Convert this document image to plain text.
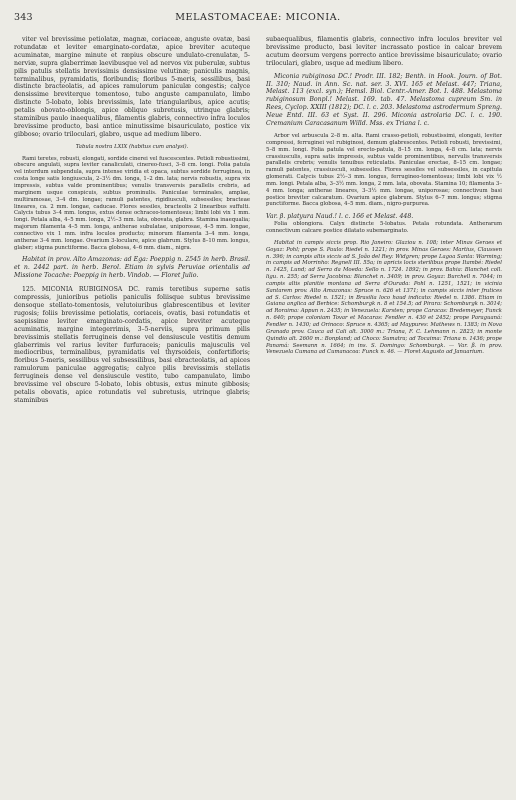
343	MELASTOMACEAE: MICONIA.

viter vel brevissime petiolatæ, magnæ, coriaceæ, anguste ovatæ, basi rotundatæ et leviter emarginato-cordatæ, apice breviter acuteque acuminatæ, margine minute et ræpius obscure undulato-crenulatæ, 5-nerviæ, supra glaberrimæ laevibusque vel ad nervos vix puberulæ, subtus pilis patulis stellatis brevissimis densissime velutinæ; paniculis magnis, terminalibus, pyramidatis, floribundis; floribus 5-meris, sessilibus, basi distincte bracteolatis, ad apices ramulorum paniculæ congestis; calyce densissime breviterque tomentoso, tubo anguste campanulato, limbo distincte 5-lobato, lobis brevissimis, late triangularibus, apice acutis; petalis obovato-oblongis, apice obliquo subretusis, utrinque glabris; staminibus paulo inaequalibus, filamentis glabris, connectivo infra loculos brevissime producto, basi antice minutissime bisauriculato, postice vix gibboso; ovario triloculari, glabro, usque ad medium libero.

Tabula nostra LXIX (habitus cum analysi).

Rami teretes, robusti, elongati, sordide cinerei vel fuscescentes. Petioli robustissimi, obscure angulati, supra leviter canaliculati, cinereo-fusci, 3–8 cm. longi. Folia patula vel interdum subpendula, supra intense viridia et opaca, subtus sordide ferruginea, in costa longe satis longiuscula, 2–3½ dm. longa, 1–2 dm. lata; nervis robustis, supra vix impressis, subtus valde prominentibus; venulis transversis parallelis crebris, ad marginem usque conspicuis, subtus prominulis. Paniculae terminales, amplae, multiramosae, 3–4 dm. longae; ramuli patentes, rigidiusculi, subsessiles; bracteae lineares, ca. 2 mm. longae, caducae. Flores sessiles, bracteolis 2 linearibus suffulti. Calycis tubus 3–4 mm. longus, extus dense ochraceo-tomentosus; limbi lobi vix 1 mm. longi. Petala alba, 4–5 mm. longa, 2½–3 mm. lata, obovata, glabra. Stamina inaequalia; majorum filamenta 4–5 mm. longa, antherae subulatae, uniporosae, 4–5 mm. longae, connectivo vix 1 mm. infra loculos producto; minorum filamenta 3–4 mm. longa, antherae 3–4 mm. longae. Ovarium 3-loculare, apice glabrum. Stylus 8–10 mm. longus, glaber; stigma punctiforme. Bacca globosa, 4–6 mm. diam., nigra.

Habitat in prov. Alto Amazonas: ad Ega: Poeppig n. 2545 in herb. Brasil. et n. 2442 part. in herb. Berol. Etiam in sylvis Peruviae orientalis ad Missione Tocache: Poeppig in herb. Vindob. — Floret Julio.

125. MICONIA RUBIGINOSA DC. ramis teretibus superne satis compressis, junioribus petiolis paniculis foliisque subtus brevissime densoque stellato-tomentosis, velutoiuribus glabrescentibus et leviter rugosis; foliis brevissime petiolatis, coriaceis, ovatis, basi rotundatis et saepissime leviter emarginato-cordatis, apice breviter acuteque acuminatis, margine integerrimis, 3–5-nerviis, supra primum pilis brevissimis stellatis ferrugineis dense vel densiuscule vestitis demum glaberrimis vel rarius leviter furfuraceis; paniculis majusculis vel mediocribus, terminalibus, pyramidatis vel thyrsoideis, confertifloris; floribus 5-meris, sessilibus vel subsessilibus, basi ebracteolatis, ad apices ramulorum paniculae aggregatis; calyce pilis brevissimis stellatis ferrugineis dense vel densiuscule vestito, tubo campanulato, limbo brevissime vel obscure 5-lobato, lobis obtusis, extus minute gibbosis; petalis obovatis, apice rotundatis vel subretusis, utrinque glabris; staminibus

subaequalibus, filamentis glabris, connectivo infra loculos breviter vel brevissime producto, basi leviter incrassato postice in calcar brevem acutum deorsum vergens porrecto antice brevissime bisauriculato; ovario triloculari, glabro, usque ad medium libero.

Miconia rubiginosa DC.! Prodr. III. 182; Benth. in Hook. Journ. of Bot. II. 310; Naud. in Ann. Sc. nat. ser. 3. XVI. 165 et Melast. 447; Triana, Melast. 113 (excl. syn.); Hemsl. Biol. Centr.-Amer. Bot. I. 488. Melastoma rubiginosum Bonpl.! Melast. 169. tab. 47. Melastoma cupreum Sm. in Rees, Cyclop. XXIII (1812); DC. l. c. 203. Melastoma astrodermum Spreng. Neue Entd. III. 63 et Syst. II. 296. Miconia astrolaria DC. l. c. 190. Cremanium Caracasanum Willd. Mss. ex Triana l. c.

Arbor vel arbuscula 2–8 m. alta. Rami crasso-petioli, robustissimi, elongati, leviter compressi, ferruginei vel rubiginosi, demum glabrescentes. Petioli robusti, brevissimi, 5–8 mm. longi. Folia patula vel erecto-patula, 8–15 cm. longa, 4–8 cm. lata; nervis crassiusculis, supra satis impressis, subtus valde prominentibus, nervulis transversis parallelis crebris; venulis tenuibus reticulatis. Paniculae erectae, 8–15 cm. longae; ramuli patentes, crassiusculi, subsessiles. Flores sessiles vel subsessiles, in capitula glomerati. Calycis tubus 2½–3 mm. longus, ferrugineo-tomentosus; limbi lobi vix ½ mm. longi. Petala alba, 3–3½ mm. longa, 2 mm. lata, obovata. Stamina 10; filamenta 3–4 mm. longa; antherae lineares, 3–3½ mm. longae, uniporosae; connectivum basi postice breviter calcaratum. Ovarium apice glabrum. Stylus 6–7 mm. longus; stigma punctiforme. Bacca globosa, 4–5 mm. diam., nigro-purpurea.

Var. β. platyura Naud.! l. c. 166 et Melast. 448.

Folia oblongiora. Calyx distincte 5-lobatus. Petala rotundata. Antherarum connectivum calcare postice dilatato subemarginato.

Habitat in campis siccis prop. Rio Janeiro: Glaziou n. 108; inter Minas Geraes et Goyaz: Pohl; prope S. Paulo: Riedel n. 1221; in prov. Minas Geraes: Martius, Claussen n. 396; in campis altis siccis ad S. João del Rey: Widgren; prope Lagoa Santa: Warming; in campis ad Morrinho: Regnell III. 55a; in apricis locis sterilibus prope Itambé: Riedel n. 1425, Lund; ad Serra da Moeda: Sello n. 1724. 1892; in prov. Bahia: Blanchet coll. ligu. n. 255; ad Serra Jacobina: Blanchet n. 3409; in prov. Goyaz: Burchell n. 7044; in campis altis planitie montana ad Serra d'Ourada: Pohl n. 1251, 1521; in vicinia Santarem prov. Alto Amazonas: Spruce n. 626 et 1371; in campis siccis inter frutices ad S. Carlos: Riedel n. 1521; in Brasilia loco haud indicato: Riedel n. 1386. Etiam in Guiana anglica ad Berbice: Schomburgk n. 8 et 154.5; ad Pirara: Schomburgk n. 3014; ad Roraima: Appun n. 2435; in Venezuela: Karsten; prope Caracas: Bredemeyer, Funck n. 640; prope coloniam Tovar et Macaras: Fendler n. 430 et 2452; prope Paraguaná: Fendler n. 1430; ad Orinoco: Spruce n. 4365; ad Maypures: Mathews n. 1383; in Nova Granada prov. Cauca ad Cali alt. 3000 m.: Triana, F. C. Lehmann n. 2823; in monte Quindio alt. 2600 m.: Bonpland; ad Choco: Sumatra; ad Tocaima: Triana n. 1436; prope Panamá: Seemann n. 1664; in ins. S. Domingo: Schomburgk. — Var. β. in prov. Venezuela Cumana ad Cumanacoa: Funck n. 46. — Floret Augusto ad Januarium.
